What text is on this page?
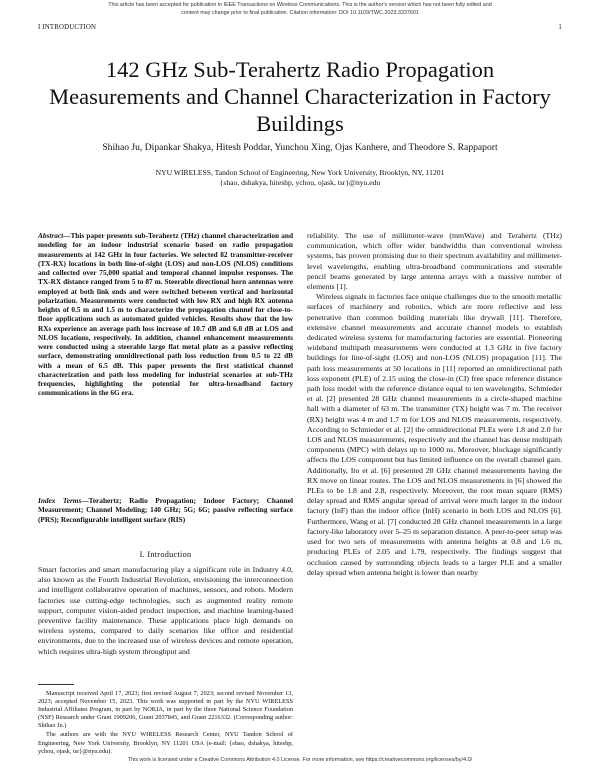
This article has been accepted for publication in IEEE Transactions on Wireless Communications. This is the author's version which has not been fully edited and content may change prior to final publication. Citation information: DOI 10.1109/TWC.2023.3337601
I INTRODUCTION	1
142 GHz Sub-Terahertz Radio Propagation Measurements and Channel Characterization in Factory Buildings
Shihao Ju, Dipankar Shakya, Hitesh Poddar, Yunchou Xing, Ojas Kanhere, and Theodore S. Rappaport
NYU WIRELESS, Tandon School of Engineering, New York University, Brooklyn, NY, 11201
{shao, dshakya, hiteshp, ychou, ojask, tsr}@nyu.edu
Abstract—This paper presents sub-Terahertz (THz) channel characterization and modeling for an indoor industrial scenario based on radio propagation measurements at 142 GHz in four factories. We selected 82 transmitter-receiver (TX-RX) locations in both line-of-sight (LOS) and non-LOS (NLOS) conditions and collected over 75,000 spatial and temporal channel impulse responses. The TX-RX distance ranged from 5 to 87 m. Steerable directional horn antennas were employed at both link ends and were switched between vertical and horizontal polarization. Measurements were conducted with low RX and high RX antenna heights of 0.5 m and 1.5 m to characterize the propagation channel for close-to-floor applications such as automated guided vehicles. Results show that the low RXs experience an average path loss increase of 10.7 dB and 6.0 dB at LOS and NLOS locations, respectively. In addition, channel enhancement measurements were conducted using a steerable large flat metal plate as a passive reflecting surface, demonstrating omnidirectional path loss reduction from 0.5 to 22 dB with a mean of 6.5 dB. This paper presents the first statistical channel characterization and path loss modeling for industrial scenarios at sub-THz frequencies, highlighting the potential for ultra-broadband factory communications in the 6G era.
Index Terms—Terahertz; Radio Propagation; Indoor Factory; Channel Measurement; Channel Modeling; 140 GHz; 5G; 6G; passive reflecting surface (PRS); Reconfigurable intelligent surface (RIS)
I. Introduction
Smart factories and smart manufacturing play a significant role in Industry 4.0, also known as the Fourth Industrial Revolution, envisioning the interconnection and intelligent collaborative operation of machines, sensors, and robots. Modern factories use cutting-edge technologies, such as augmented reality remote support, computer vision-aided product inspection, and machine learning-based preventive facility maintenance. These applications place high demands on wireless systems, compared to daily scenarios like office and residential environments, due to the increased use of wireless devices and remote operation, which requires ultra-high system throughput and

Manuscript received April 17, 2023; first revised August 7, 2023; second revised November 13, 2023; accepted November 15, 2023. This work was supported in part by the NYU WIRELESS Industrial Affiliates Program, in part by NOKIA, in part by the three National Science Foundation (NSF) Research under Grant 1909206, Grant 2037845, and Grant 2216332. (Corresponding author: Shihao Ju.)

The authors are with the NYU WIRELESS Research Center, NYU Tandon School of Engineering, New York University, Brooklyn, NY 11201 USA (e-mail: {shao, dshakya, hiteshp, ychou, ojask, tsr}@nyu.edu).

reliability. The use of millimeter-wave (mmWave) and Terahertz (THz) communication, which offer wider bandwidths than conventional wireless systems, has proven promising due to their spectrum availability and millimeter-level wavelengths, enabling ultra-broadband communications and steerable pencil beams generated by large antenna arrays with a massive number of elements [1].

Wireless signals in factories face unique challenges due to the smooth metallic surfaces of machinery and robotics, which are more reflective and less penetrative than common building materials like drywall [11]. Therefore, extensive channel measurements and accurate channel models to establish dedicated wireless systems for manufacturing factories are essential. Pioneering wideband multipath measurements were conducted at 1.3 GHz in five factory buildings for line-of-sight (LOS) and non-LOS (NLOS) propagation [11]. The path loss measurements at 50 locations in [11] reported an omnidirectional path loss exponent (PLE) of 2.15 using the close-in (CI) free space reference distance path loss model with the reference distance equal to ten wavelengths. Schmieder et al. [2] presented 28 GHz channel measurements in a circle-shaped machine hall with a diameter of 63 m. The transmitter (TX) height was 7 m. The receiver (RX) height was 4 m and 1.7 m for LOS and NLOS measurements, respectively. According to Schmieder et al. [2] the omnidirectional PLEs were 1.8 and 2.0 for LOS and NLOS measurements, respectively and the channel has dense multipath components (MPC) with delays up to 1000 ns. Moreover, blockage significantly affects the LOS component but has limited influence on the overall channel gain. Additionally, Ito et al. [6] presented 28 GHz channel measurements having the RX move on linear routes. The LOS and NLOS measurements in [6] showed the PLEs to be 1.8 and 2.8, respectively. Moreover, the root mean square (RMS) delay spread and RMS angular spread of arrival were much larger in the indoor factory (InF) than the indoor office (InH) scenario in both LOS and NLOS [6]. Furthermore, Wang et al. [7] conducted 28 GHz channel measurements in a large factory-like laboratory over 5–25 m separation distance. A peer-to-peer setup was used for two sets of measurements with antenna heights at 0.8 and 1.6 m, producing PLEs of 2.05 and 1.79, respectively. The findings suggest that occlusion caused by surrounding objects leads to a larger PLE and a smaller delay spread when antenna height is lower than nearby

This work is licensed under a Creative Commons Attribution 4.0 License. For more information, see https://creativecommons.org/licenses/by/4.0/
